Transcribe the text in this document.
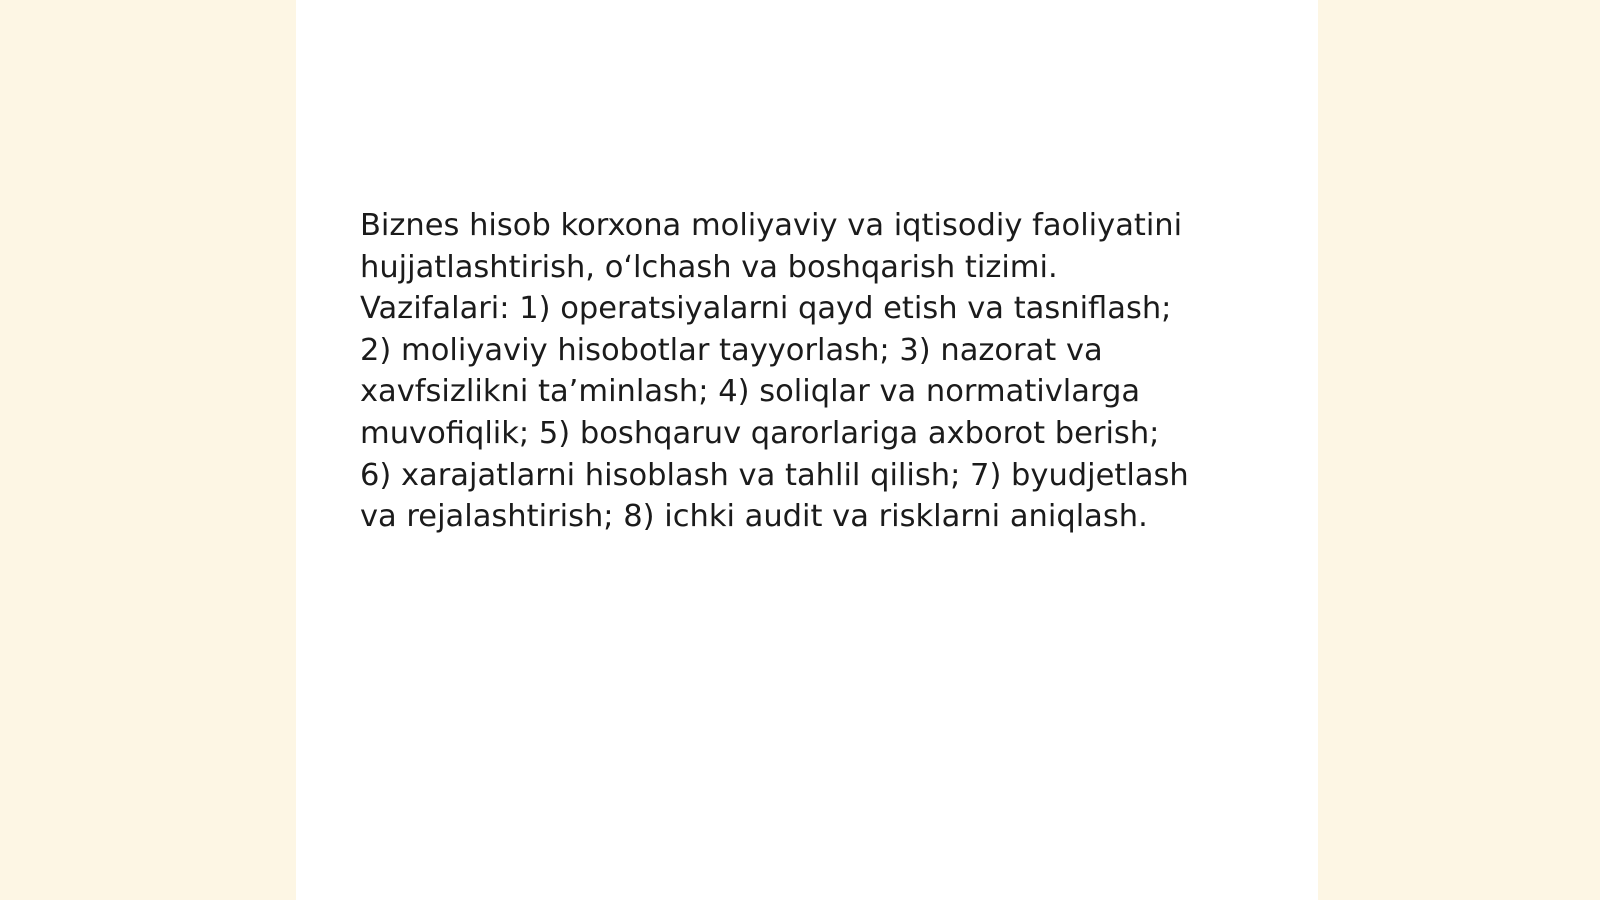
Biznes hisob korxona moliyaviy va iqtisodiy faoliyatini
hujjatlashtirish, oʻlchash va boshqarish tizimi.
Vazifalari: 1) operatsiyalarni qayd etish va tasniflash;
2) moliyaviy hisobotlar tayyorlash; 3) nazorat va
xavfsizlikni taʼminlash; 4) soliqlar va normativlarga
muvofiqlik; 5) boshqaruv qarorlariga axborot berish;
6) xarajatlarni hisoblash va tahlil qilish; 7) byudjetlash
va rejalashtirish; 8) ichki audit va risklarni aniqlash.
